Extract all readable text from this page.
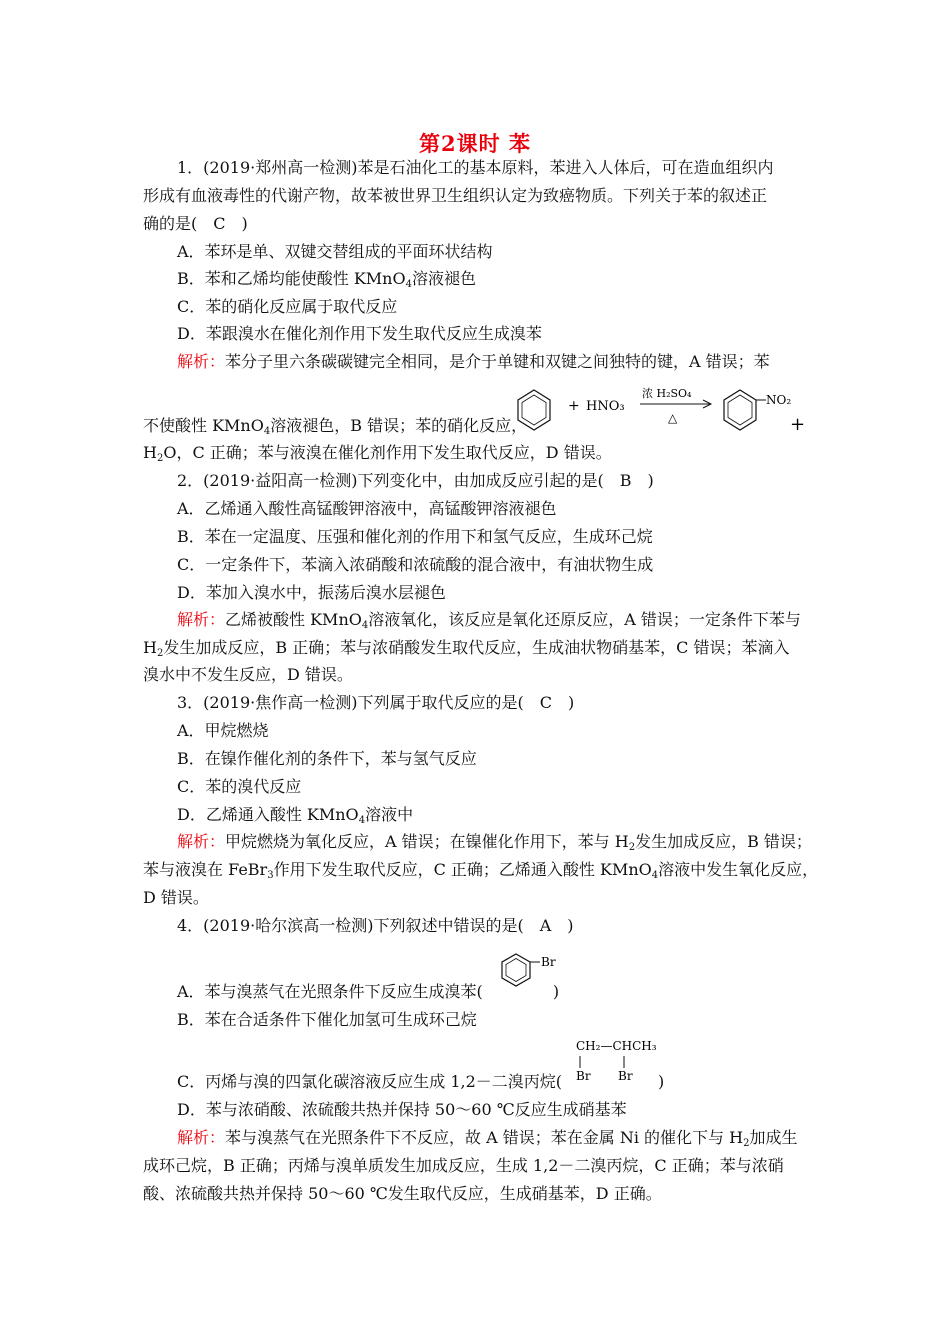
第2课时 苯
1．(2019·郑州高一检测)苯是石油化工的基本原料，苯进入人体后，可在造血组织内
形成有血液毒性的代谢产物，故苯被世界卫生组织认定为致癌物质。下列关于苯的叙述正
确的是(　C　)
A．苯环是单、双键交替组成的平面环状结构
B．苯和乙烯均能使酸性 KMnO$_4$溶液褪色
C．苯的硝化反应属于取代反应
D．苯跟溴水在催化剂作用下发生取代反应生成溴苯
解析：苯分子里六条碳碳键完全相同，是介于单键和双键之间独特的键，A 错误；苯
不使酸性 KMnO$_4$溶液褪色，B 错误；苯的硝化反应，
+ HNO₃
浓 H₂SO₄
△
NO₂
+
$H_2O$，C 正确；苯与液溴在催化剂作用下发生取代反应，D 错误。
2．(2019·益阳高一检测)下列变化中，由加成反应引起的是(　B　)
A．乙烯通入酸性高锰酸钾溶液中，高锰酸钾溶液褪色
B．苯在一定温度、压强和催化剂的作用下和氢气反应，生成环己烷
C．一定条件下，苯滴入浓硝酸和浓硫酸的混合液中，有油状物生成
D．苯加入溴水中，振荡后溴水层褪色
解析：乙烯被酸性 KMnO$_4$溶液氧化，该反应是氧化还原反应，A 错误；一定条件下苯与
$H_2$发生加成反应，B 正确；苯与浓硝酸发生取代反应，生成油状物硝基苯，C 错误；苯滴入
溴水中不发生反应，D 错误。
3．(2019·焦作高一检测)下列属于取代反应的是(　C　)
A．甲烷燃烧
B．在镍作催化剂的条件下，苯与氢气反应
C．苯的溴代反应
D．乙烯通入酸性 KMnO$_4$溶液中
解析：甲烷燃烧为氧化反应，A 错误；在镍催化作用下，苯与 $H_2$发生加成反应，B 错误；
苯与液溴在 FeBr$_3$作用下发生取代反应，C 正确；乙烯通入酸性 KMnO$_4$溶液中发生氧化反应，
D 错误。
4．(2019·哈尔滨高一检测)下列叙述中错误的是(　A　)
A．苯与溴蒸气在光照条件下反应生成溴苯(	)
Br
B．苯在合适条件下催化加氢可生成环己烷
C．丙烯与溴的四氯化碳溶液反应生成 1,2－二溴丙烷(	)
CH₂—CHCH₃
Br Br
D．苯与浓硝酸、浓硫酸共热并保持 50～60 ℃反应生成硝基苯
解析：苯与溴蒸气在光照条件下不反应，故 A 错误；苯在金属 Ni 的催化下与 $H_2$加成生
成环己烷，B 正确；丙烯与溴单质发生加成反应，生成 1,2－二溴丙烷，C 正确；苯与浓硝
酸、浓硫酸共热并保持 50～60 ℃发生取代反应，生成硝基苯，D 正确。
